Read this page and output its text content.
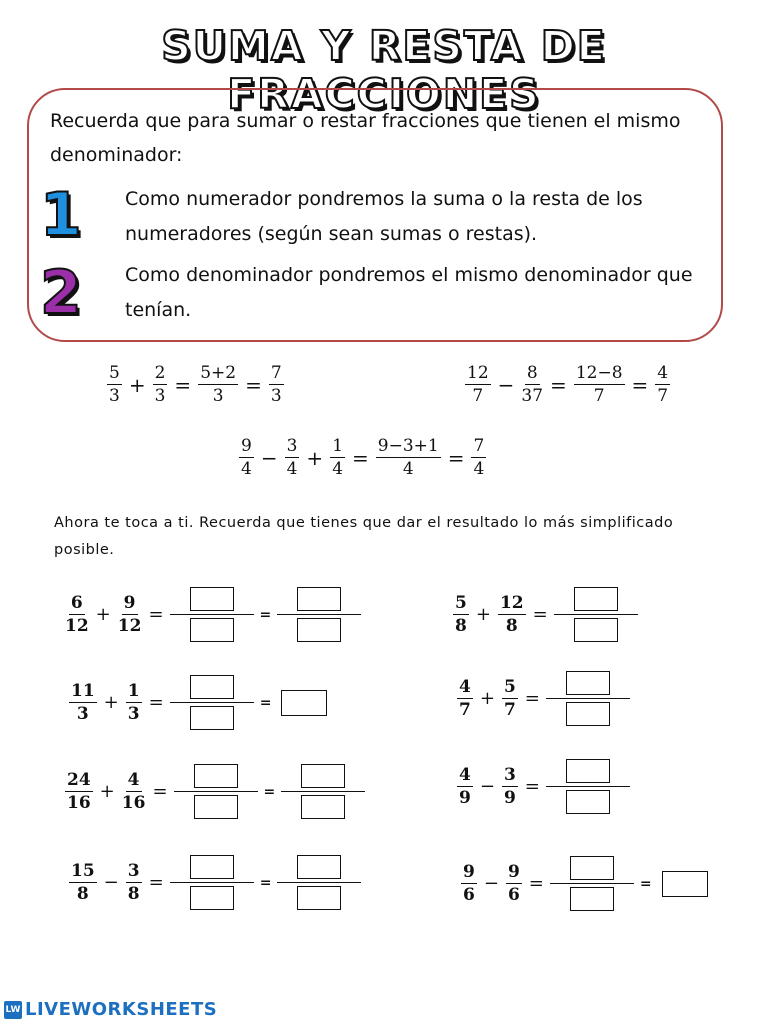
SUMA Y RESTA DE FRACCIONES
Recuerda que para sumar o restar fracciones que tienen el mismo denominador:
1 Como numerador pondremos la suma o la resta de los numeradores (según sean sumas o restas).
2 Como denominador pondremos el mismo denominador que tenían.
$\frac{5}{3} + \frac{2}{3} = \frac{5+2}{3} = \frac{7}{3}$	$\frac{12}{7} - \frac{8}{37} = \frac{12-8}{7} = \frac{4}{7}$
$\frac{9}{4} - \frac{3}{4} + \frac{1}{4} = \frac{9-3+1}{4} = \frac{7}{4}$
Ahora te toca a ti. Recuerda que tienes que dar el resultado lo más simplificado posible.
$\frac{6}{12} + \frac{9}{12}$ =	=	$\frac{5}{8} + \frac{12}{8}$ =
$\frac{11}{3} + \frac{1}{3}$ =	=	$\frac{4}{7} + \frac{5}{7}$ =
$\frac{24}{16} + \frac{4}{16}$ =	=	$\frac{4}{9} - \frac{3}{9}$ =
$\frac{15}{8} - \frac{3}{8}$ =	=	$\frac{9}{6} - \frac{9}{6}$ =	=
LW LIVEWORKSHEETS
